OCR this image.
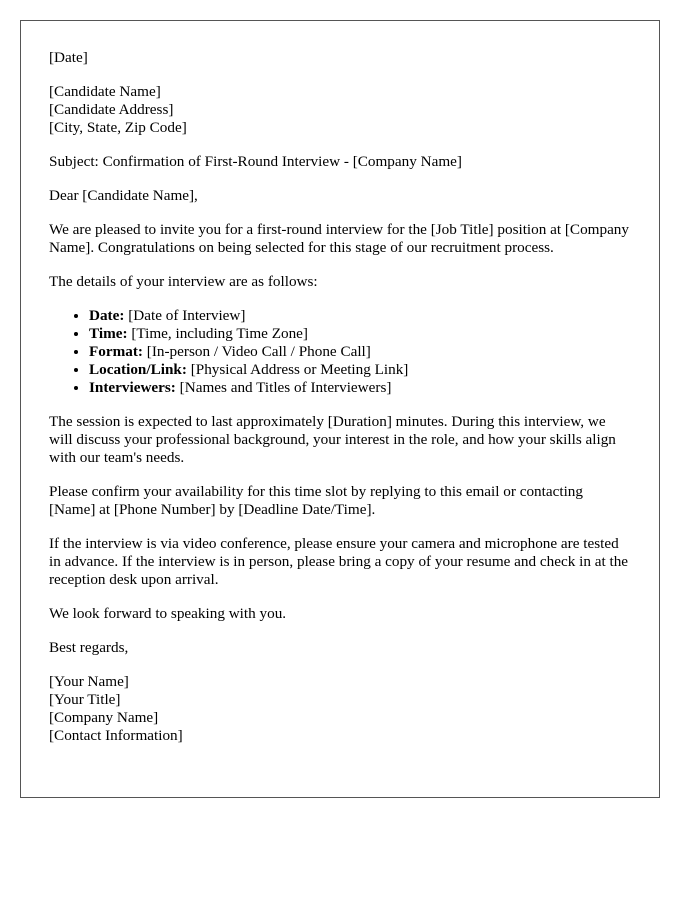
[Date]
[Candidate Name]
[Candidate Address]
[City, State, Zip Code]
Subject: Confirmation of First-Round Interview - [Company Name]
Dear [Candidate Name],
We are pleased to invite you for a first-round interview for the [Job Title] position at [Company Name]. Congratulations on being selected for this stage of our recruitment process.
The details of your interview are as follows:
• Date: [Date of Interview]
• Time: [Time, including Time Zone]
• Format: [In-person / Video Call / Phone Call]
• Location/Link: [Physical Address or Meeting Link]
• Interviewers: [Names and Titles of Interviewers]
The session is expected to last approximately [Duration] minutes. During this interview, we will discuss your professional background, your interest in the role, and how your skills align with our team's needs.
Please confirm your availability for this time slot by replying to this email or contacting [Name] at [Phone Number] by [Deadline Date/Time].
If the interview is via video conference, please ensure your camera and microphone are tested in advance. If the interview is in person, please bring a copy of your resume and check in at the reception desk upon arrival.
We look forward to speaking with you.
Best regards,
[Your Name]
[Your Title]
[Company Name]
[Contact Information]
